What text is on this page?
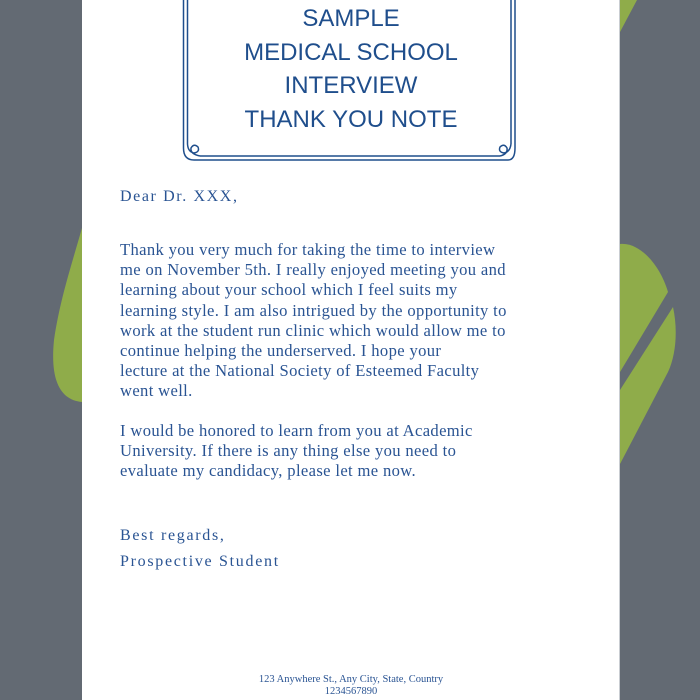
SAMPLE
MEDICAL SCHOOL
INTERVIEW
THANK YOU NOTE
Dear Dr. XXX,
Thank you very much for taking the time to interview
me on November 5th. I really enjoyed meeting you and
learning about your school which I feel suits my
learning style. I am also intrigued by the opportunity to
work at the student run clinic which would allow me to
continue helping the underserved. I hope your
lecture at the National Society of Esteemed Faculty
went well.
I would be honored to learn from you at Academic
University. If there is any thing else you need to
evaluate my candidacy, please let me now.
Best regards,
Prospective Student
123 Anywhere St., Any City, State, Country
1234567890
